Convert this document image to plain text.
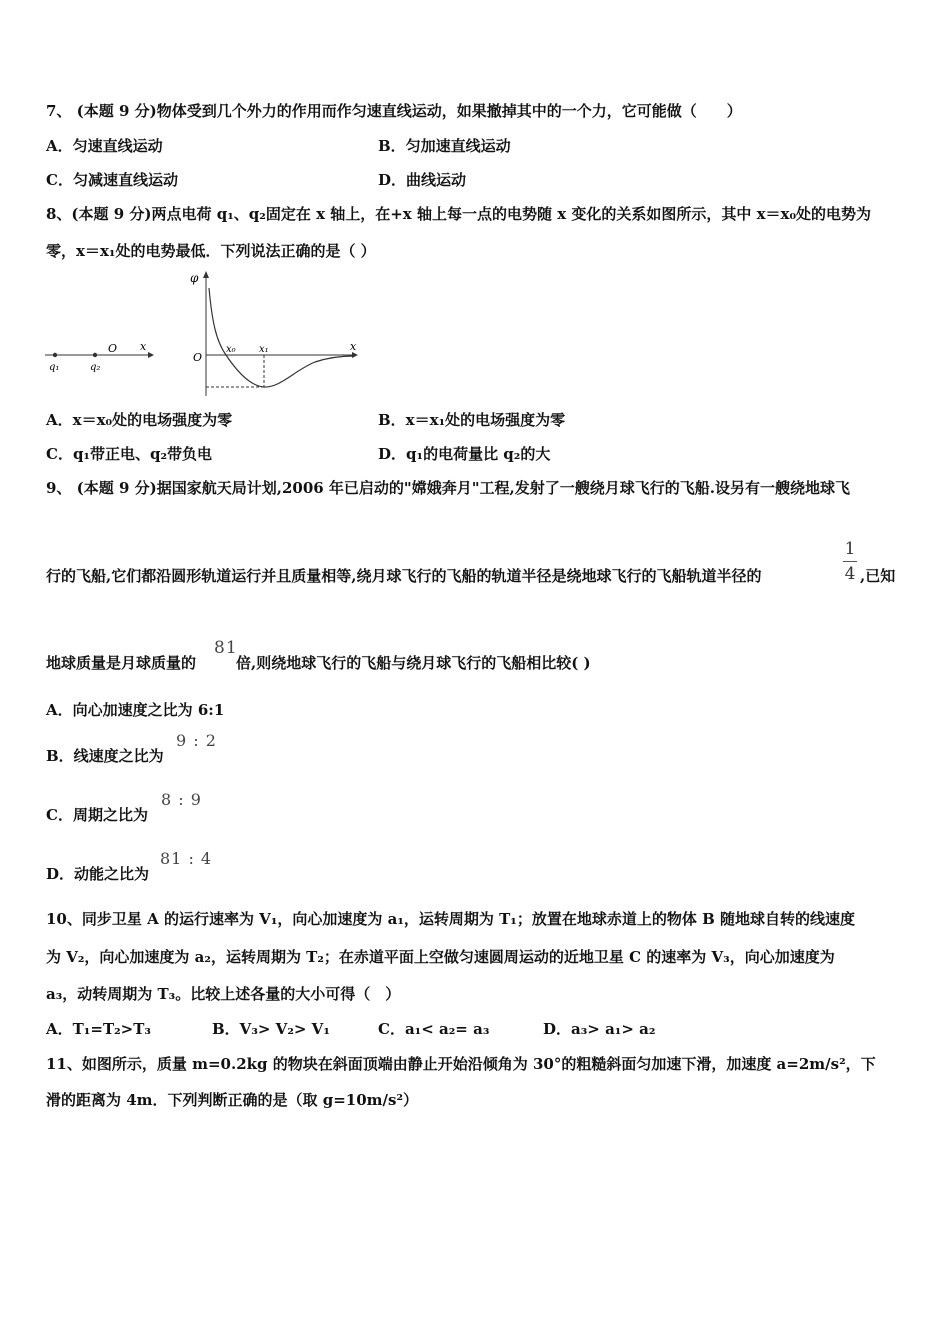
7、 (本题 9 分)物体受到几个外力的作用而作匀速直线运动，如果撤掉其中的一个力，它可能做（　　）
A．匀速直线运动	B．匀加速直线运动
C．匀减速直线运动	D．曲线运动
8、(本题 9 分)两点电荷 q₁、q₂固定在 x 轴上，在+x 轴上每一点的电势随 x 变化的关系如图所示，其中 x＝x₀处的电势为
零，x＝x₁处的电势最低．下列说法正确的是（ ）
x
O
q₁	q₂
φ
O
x
x₀ x₁
A．x＝x₀处的电场强度为零	B．x＝x₁处的电场强度为零
C．q₁带正电、q₂带负电	D．q₁的电荷量比 q₂的大
9、 (本题 9 分)据国家航天局计划,2006 年已启动的"嫦娥奔月"工程,发射了一艘绕月球飞行的飞船.设另有一艘绕地球飞
行的飞船,它们都沿圆形轨道运行并且质量相等,绕月球飞行的飞船的轨道半径是绕地球飞行的飞船轨道半径的
1
4 ,已知
地球质量是月球质量的
81
倍,则绕地球飞行的飞船与绕月球飞行的飞船相比较( )
A．向心加速度之比为 6:1
B．线速度之比为
9 : 2
C．周期之比为
8 : 9
D．动能之比为
81 : 4
10、同步卫星 A 的运行速率为 V₁，向心加速度为 a₁，运转周期为 T₁；放置在地球赤道上的物体 B 随地球自转的线速度
为 V₂，向心加速度为 a₂，运转周期为 T₂；在赤道平面上空做匀速圆周运动的近地卫星 C 的速率为 V₃，向心加速度为
a₃，动转周期为 T₃。比较上述各量的大小可得（　）
A．T₁=T₂>T₃	B．V₃> V₂> V₁	C．a₁< a₂= a₃	D．a₃> a₁> a₂
11、如图所示，质量 m=0.2kg 的物块在斜面顶端由静止开始沿倾角为 30°的粗糙斜面匀加速下滑，加速度 a=2m/s²，下
滑的距离为 4m．下列判断正确的是（取 g=10m/s²）
